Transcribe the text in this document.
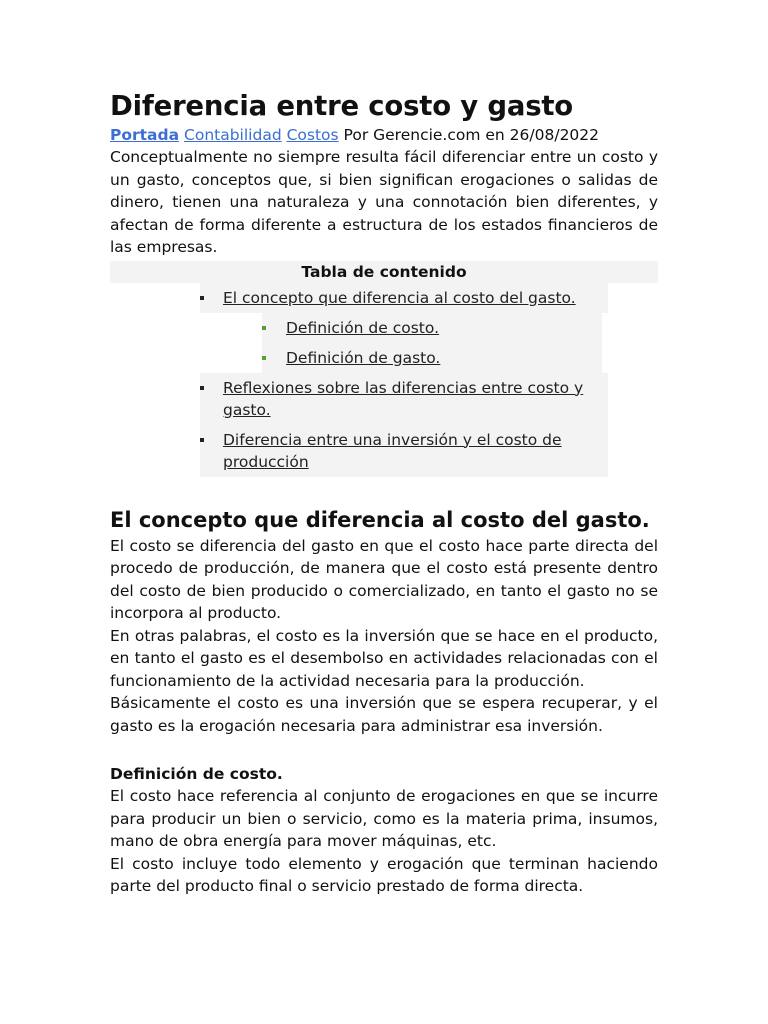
Diferencia entre costo y gasto
Portada Contabilidad Costos Por Gerencie.com en 26/08/2022

Conceptualmente no siempre resulta fácil diferenciar entre un costo y un gasto, conceptos que, si bien significan erogaciones o salidas de dinero, tienen una naturaleza y una connotación bien diferentes, y afectan de forma diferente a estructura de los estados financieros de las empresas.

Tabla de contenido
El concepto que diferencia al costo del gasto.
Definición de costo.
Definición de gasto.
Reflexiones sobre las diferencias entre costo y gasto.
Diferencia entre una inversión y el costo de producción
El concepto que diferencia al costo del gasto.

El costo se diferencia del gasto en que el costo hace parte directa del procedo de producción, de manera que el costo está presente dentro del costo de bien producido o comercializado, en tanto el gasto no se incorpora al producto.

En otras palabras, el costo es la inversión que se hace en el producto, en tanto el gasto es el desembolso en actividades relacionadas con el funcionamiento de la actividad necesaria para la producción.

Básicamente el costo es una inversión que se espera recuperar, y el gasto es la erogación necesaria para administrar esa inversión.

Definición de costo.

El costo hace referencia al conjunto de erogaciones en que se incurre para producir un bien o servicio, como es la materia prima, insumos, mano de obra energía para mover máquinas, etc.

El costo incluye todo elemento y erogación que terminan haciendo parte del producto final o servicio prestado de forma directa.
